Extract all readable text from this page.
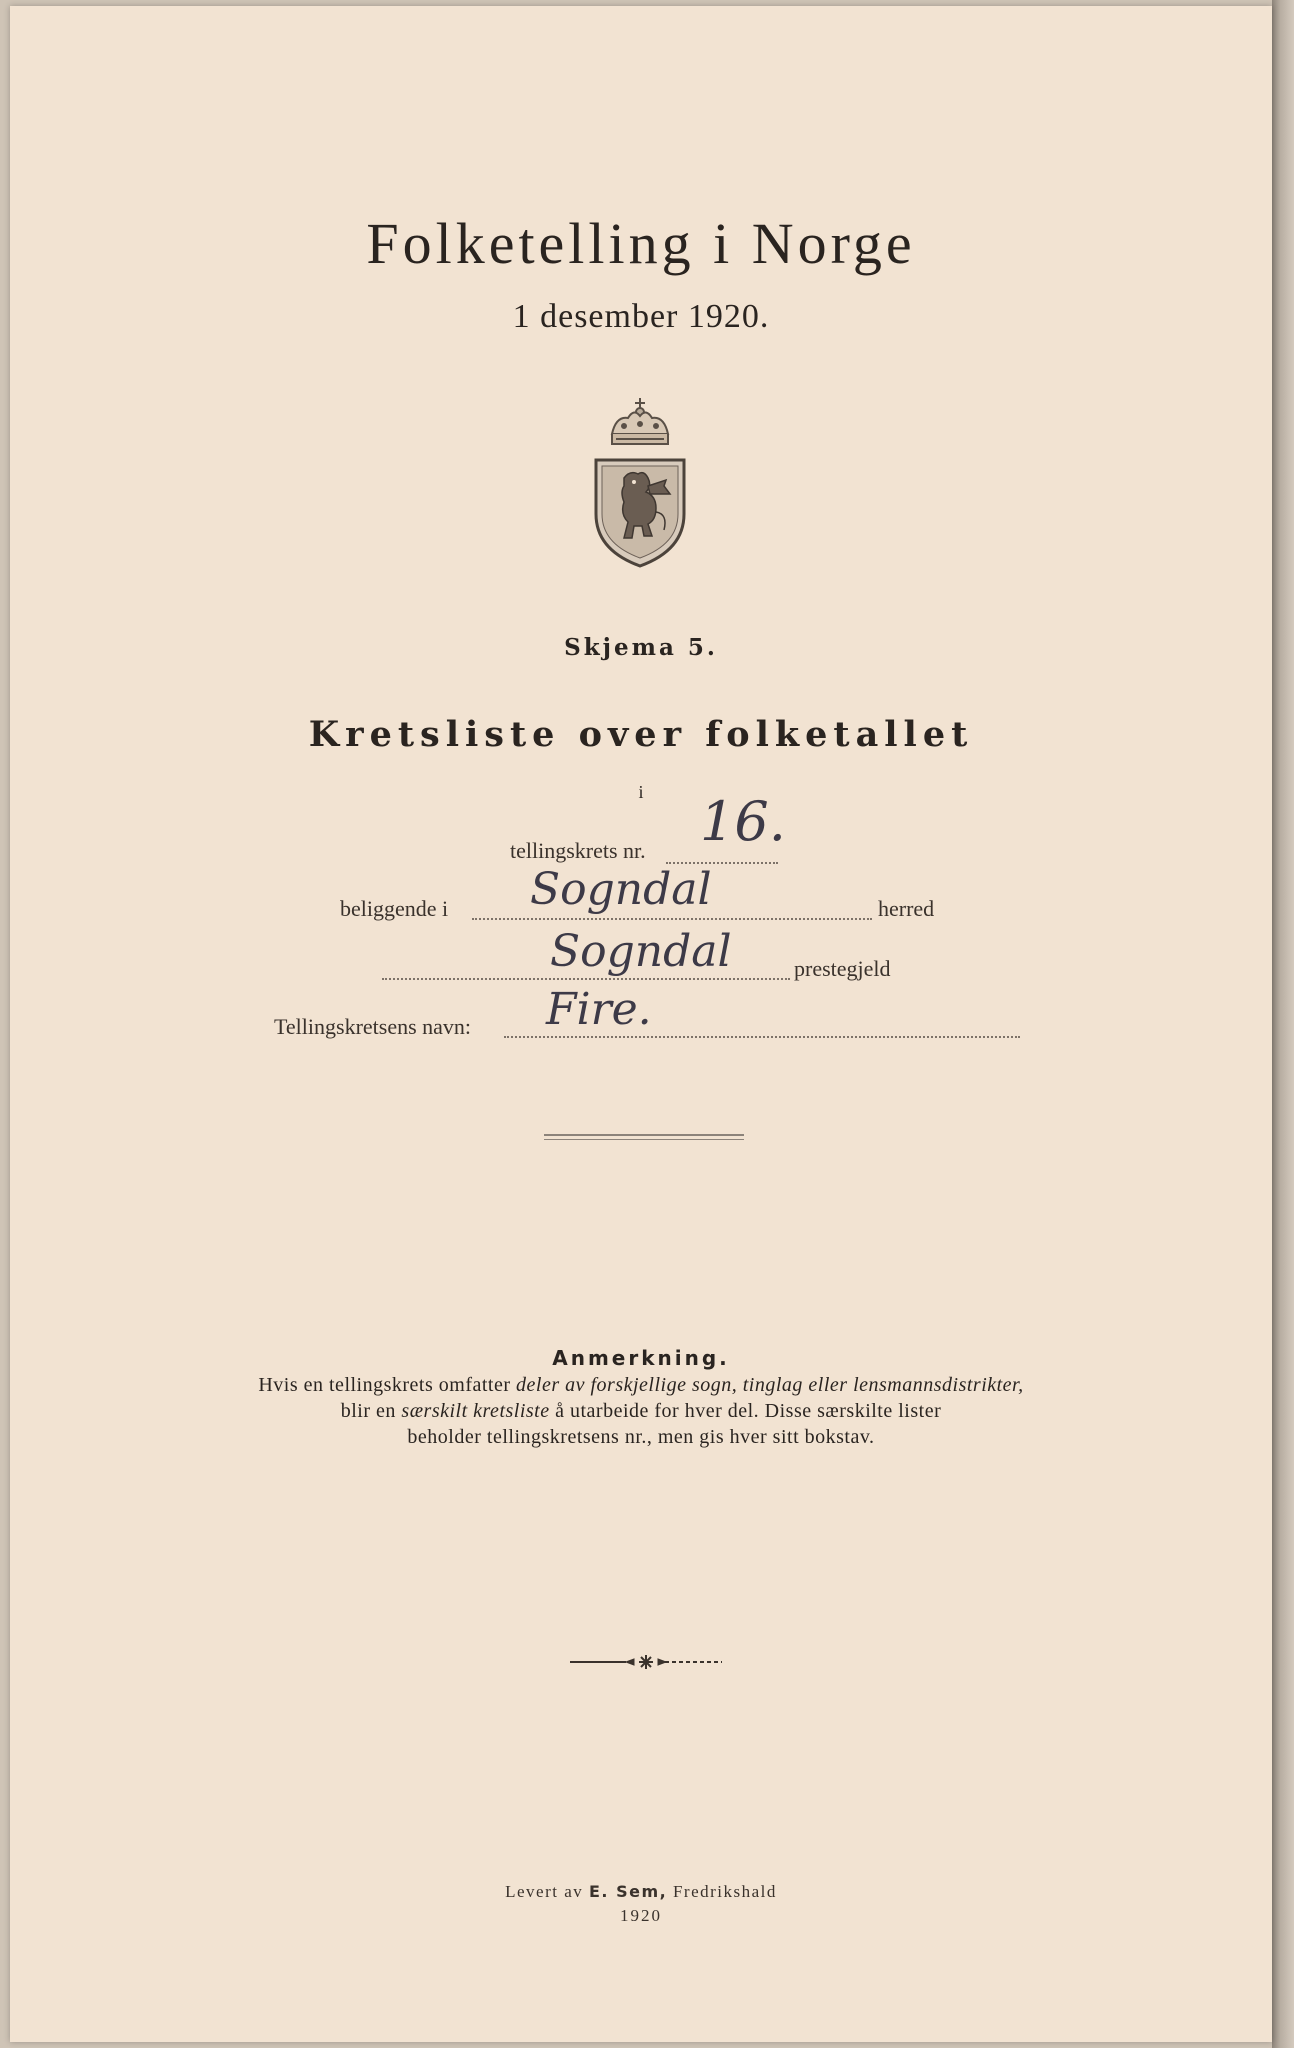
Folketelling i Norge
1 desember 1920.
Skjema 5.
Kretsliste over folketallet
i
tellingskrets nr. 16.
beliggende i Sogndal	herred
Sogndal	prestegjeld
Tellingskretsens navn: Fire.
Anmerkning.
Hvis en tellingskrets omfatter deler av forskjellige sogn, tinglag eller lensmannsdistrikter,
blir en særskilt kretsliste å utarbeide for hver del. Disse særskilte lister
beholder tellingskretsens nr., men gis hver sitt bokstav.
Levert av E. Sem, Fredrikshald
1920
